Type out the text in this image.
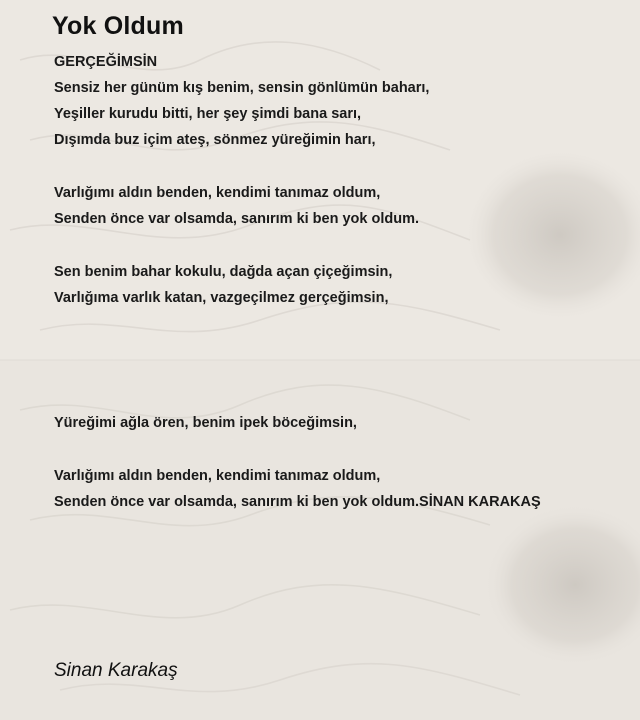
Yok Oldum
GERÇEĞİMSİN
Sensiz her günüm kış benim, sensin gönlümün baharı,
Yeşiller kurudu bitti, her şey şimdi bana sarı,
Dışımda buz içim ateş, sönmez yüreğimin harı,
Varlığımı aldın benden, kendimi tanımaz oldum,
Senden önce var olsamda, sanırım ki ben yok oldum.
Sen benim bahar kokulu, dağda açan çiçeğimsin,
Varlığıma varlık katan, vazgeçilmez gerçeğimsin,
Yüreğimi ağla ören, benim ipek böceğimsin,
Varlığımı aldın benden, kendimi tanımaz oldum,
Senden önce var olsamda, sanırım ki ben yok oldum.SİNAN KARAKAŞ
Sinan Karakaş
